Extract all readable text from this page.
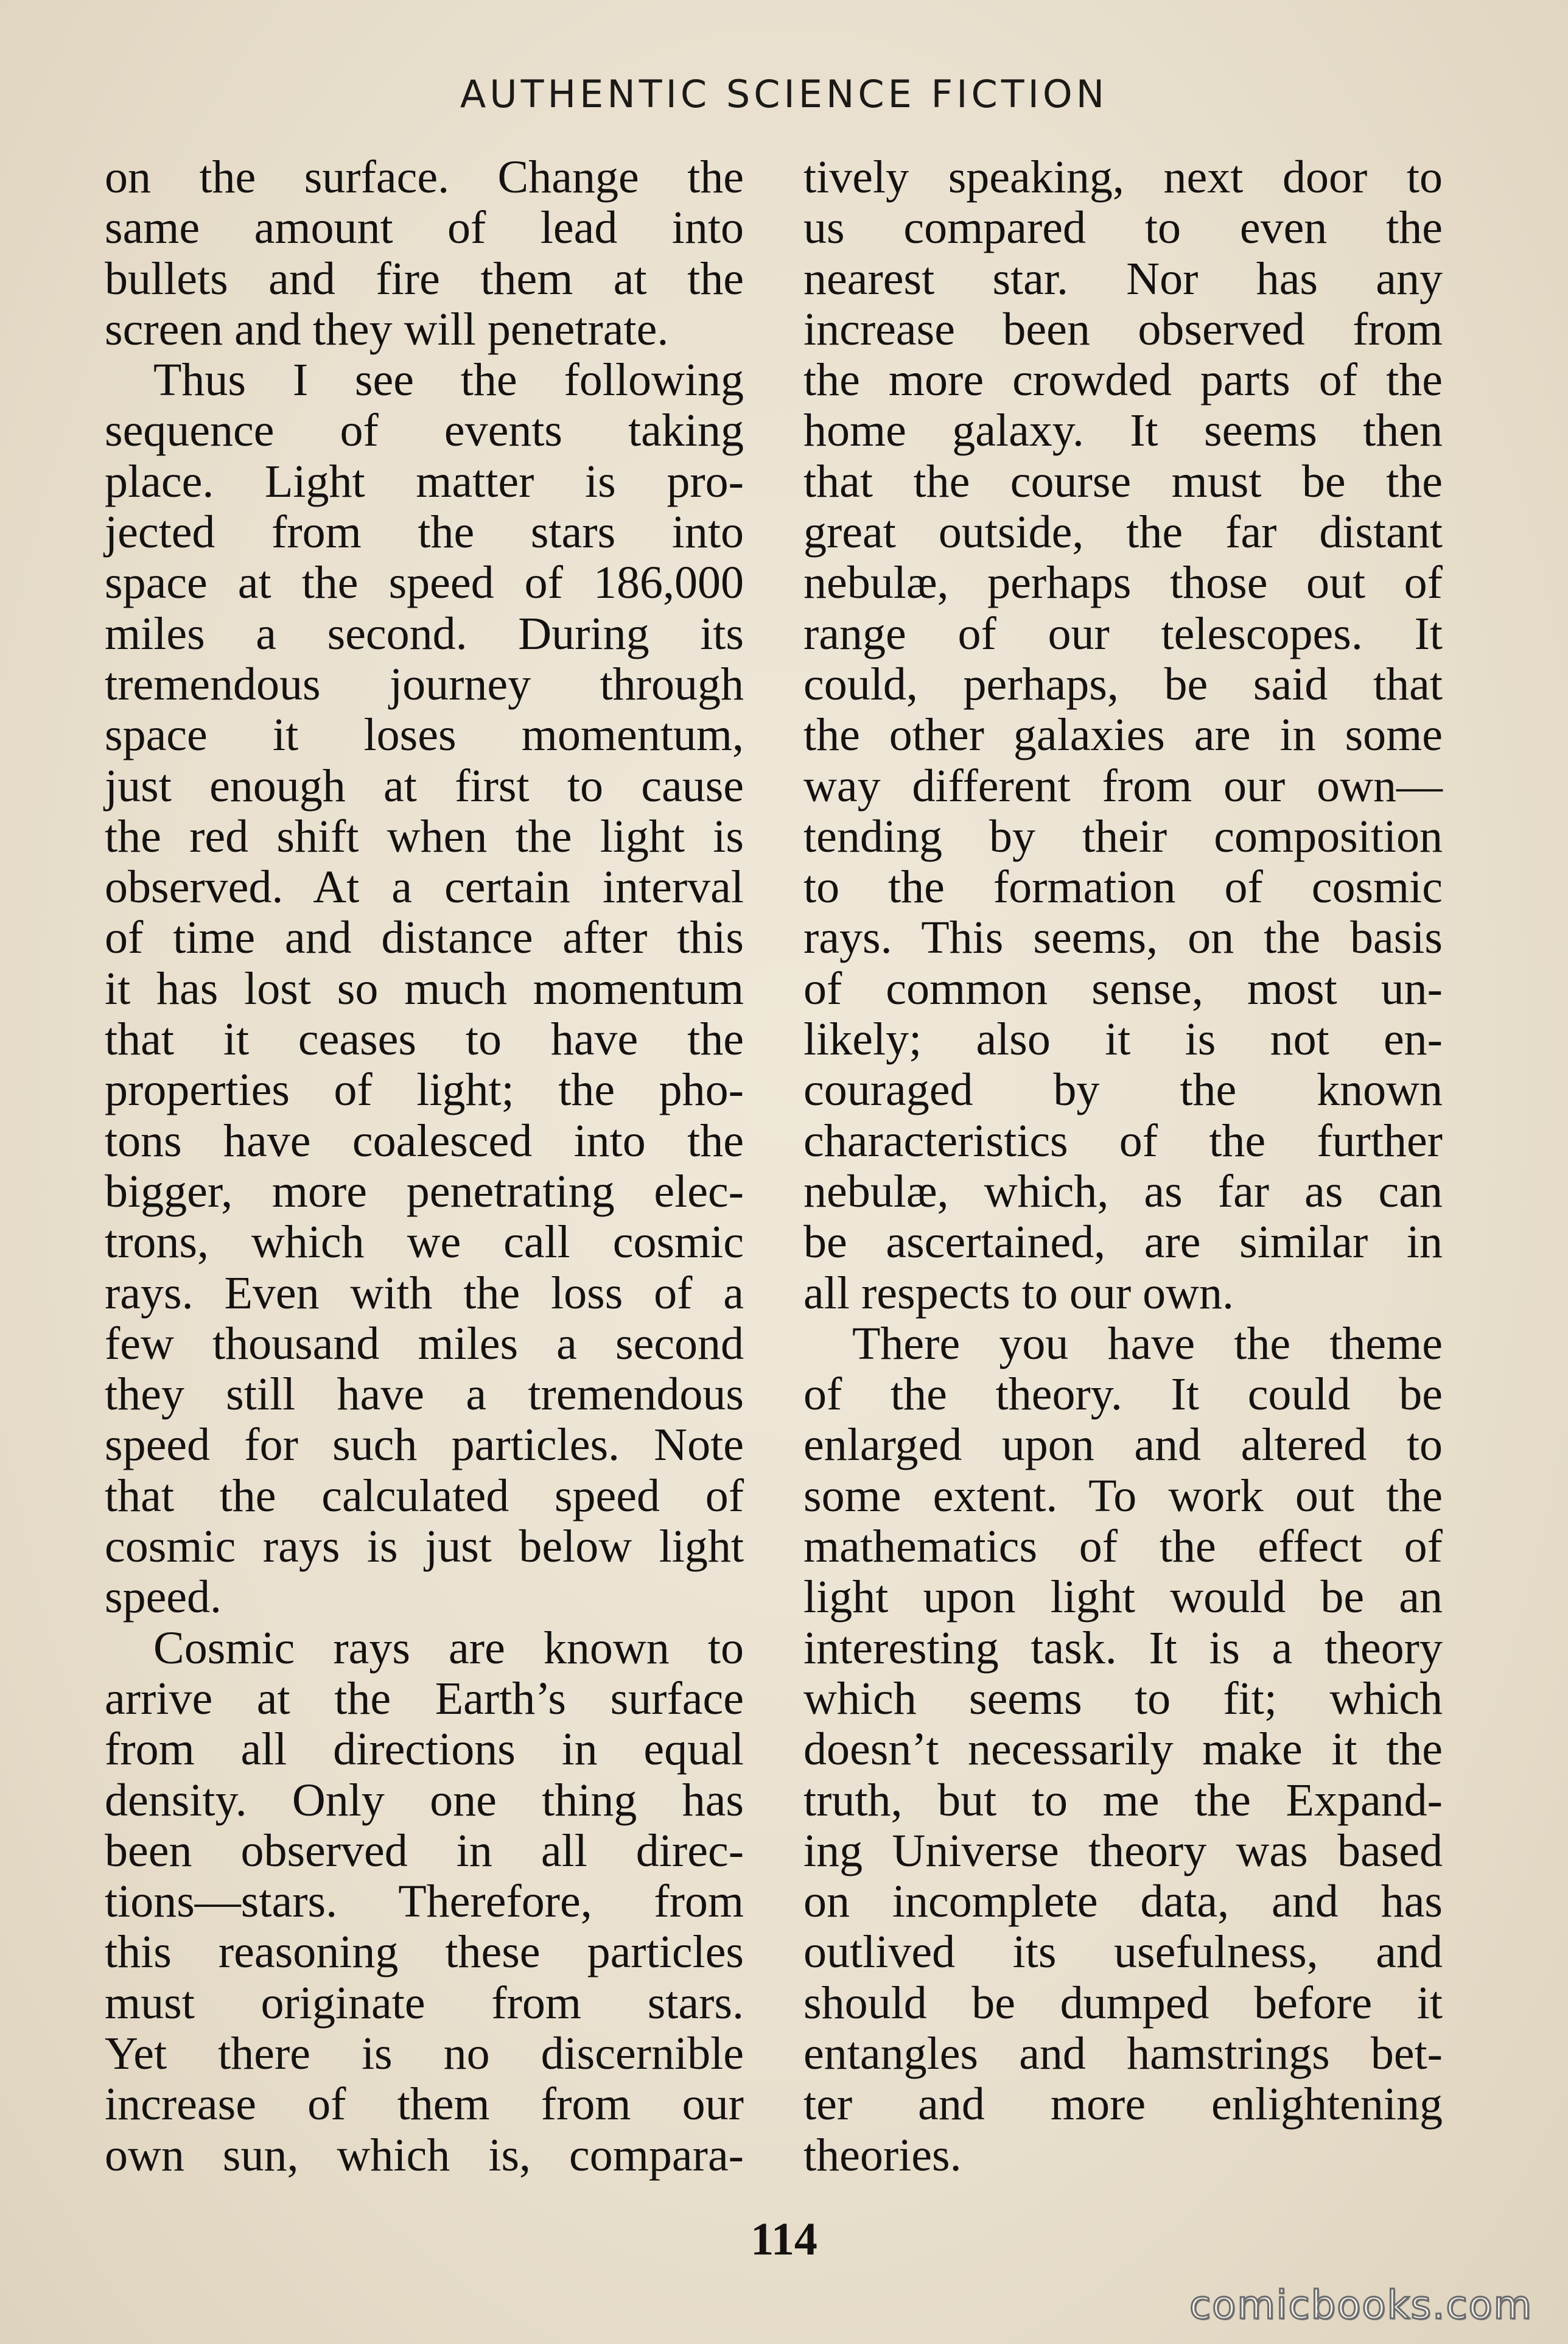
AUTHENTIC SCIENCE FICTION
on the surface. Change the
same amount of lead into
bullets and fire them at the
screen and they will penetrate.
Thus I see the following
sequence of events taking
place. Light matter is pro-
jected from the stars into
space at the speed of 186,000
miles a second. During its
tremendous journey through
space it loses momentum,
just enough at first to cause
the red shift when the light is
observed. At a certain interval
of time and distance after this
it has lost so much momentum
that it ceases to have the
properties of light; the pho-
tons have coalesced into the
bigger, more penetrating elec-
trons, which we call cosmic
rays. Even with the loss of a
few thousand miles a second
they still have a tremendous
speed for such particles. Note
that the calculated speed of
cosmic rays is just below light
speed.
Cosmic rays are known to
arrive at the Earth’s surface
from all directions in equal
density. Only one thing has
been observed in all direc-
tions—stars. Therefore, from
this reasoning these particles
must originate from stars.
Yet there is no discernible
increase of them from our
own sun, which is, compara-
tively speaking, next door to
us compared to even the
nearest star. Nor has any
increase been observed from
the more crowded parts of the
home galaxy. It seems then
that the course must be the
great outside, the far distant
nebulæ, perhaps those out of
range of our telescopes. It
could, perhaps, be said that
the other galaxies are in some
way different from our own—
tending by their composition
to the formation of cosmic
rays. This seems, on the basis
of common sense, most un-
likely; also it is not en-
couraged by the known
characteristics of the further
nebulæ, which, as far as can
be ascertained, are similar in
all respects to our own.
There you have the theme
of the theory. It could be
enlarged upon and altered to
some extent. To work out the
mathematics of the effect of
light upon light would be an
interesting task. It is a theory
which seems to fit; which
doesn’t necessarily make it the
truth, but to me the Expand-
ing Universe theory was based
on incomplete data, and has
outlived its usefulness, and
should be dumped before it
entangles and hamstrings bet-
ter and more enlightening
theories.
114
comicbooks.com
